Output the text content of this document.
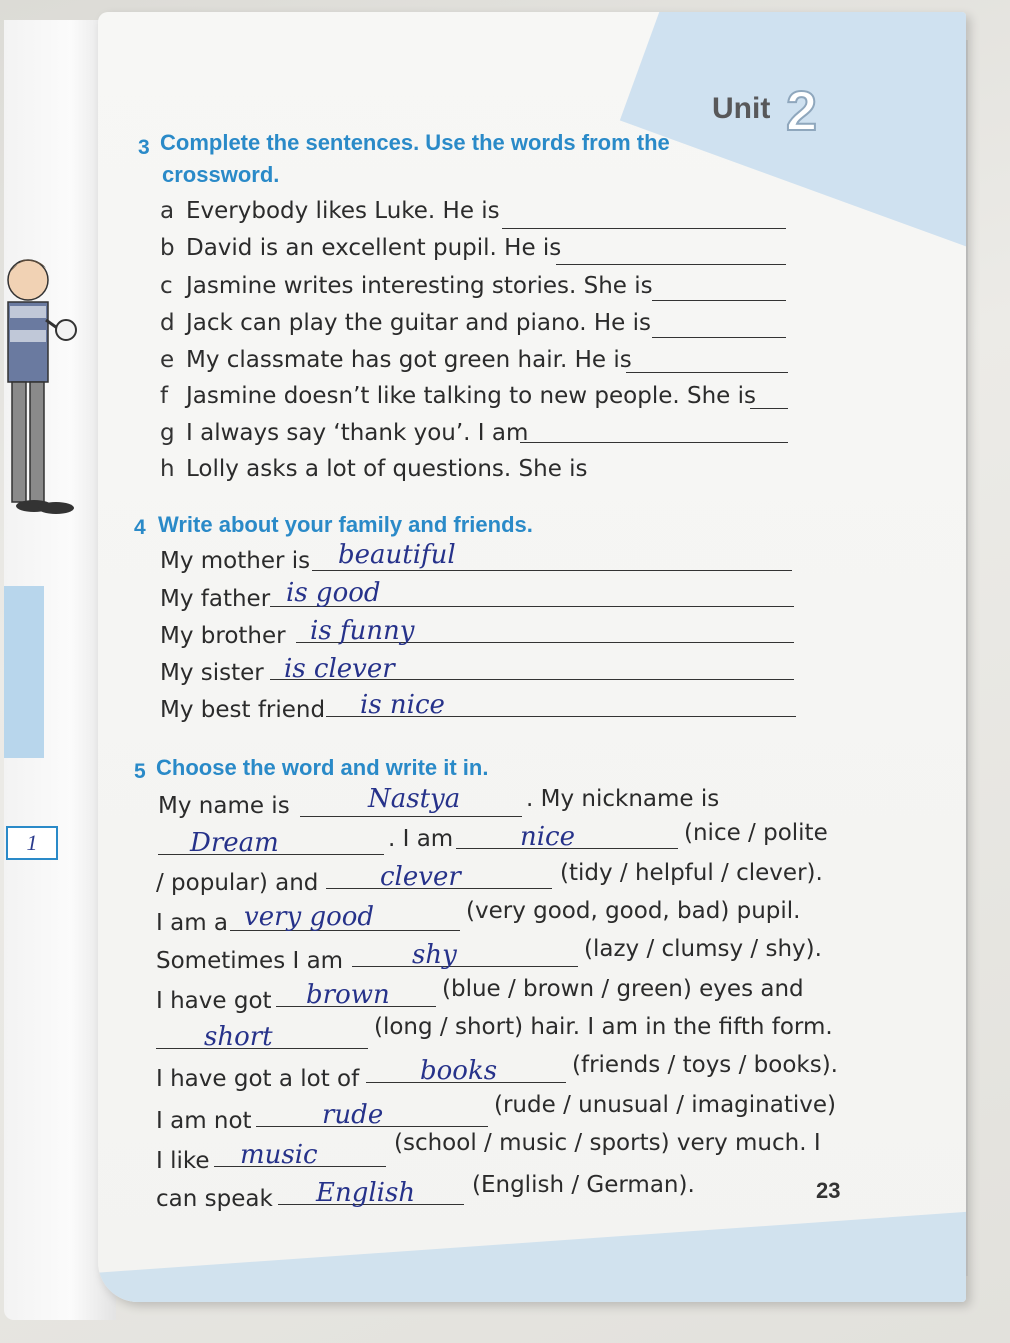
1
Unit 2
3 Complete the sentences. Use the words from the
crossword.
a Everybody likes Luke. He is
b David is an excellent pupil. He is
c Jasmine writes interesting stories. She is
d Jack can play the guitar and piano. He is
e My classmate has got green hair. He is
f Jasmine doesn’t like talking to new people. She is
g I always say ‘thank you’. I am
h Lolly asks a lot of questions. She is
4 Write about your family and friends.
My mother is beautiful
My father is good
My brother is funny
My sister is clever
My best friend is nice
5 Choose the word and write it in.
My name is	Nastya	. My nickname is
Dream	. I am	nice	(nice / polite
/ popular) and clever	(tidy / helpful / clever).
I am a very good	(very good, good, bad) pupil.
Sometimes I am	shy	(lazy / clumsy / shy).
I have got brown (blue / brown / green) eyes and
short	(long / short) hair. I am in the fifth form.
I have got a lot of books	(friends / toys / books).
I am not	rude	(rude / unusual / imaginative)
I like music	(school / music / sports) very much. I
can speak English (English / German).	23
